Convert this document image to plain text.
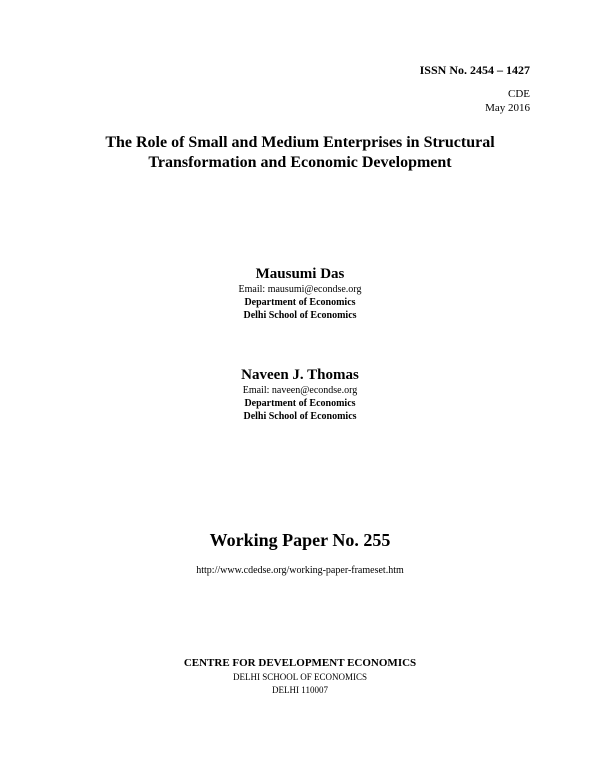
ISSN No. 2454 – 1427
CDE
May 2016
The Role of Small and Medium Enterprises in Structural
Transformation and Economic Development
Mausumi Das
Email: mausumi@econdse.org
Department of Economics
Delhi School of Economics
Naveen J. Thomas
Email: naveen@econdse.org
Department of Economics
Delhi School of Economics
Working Paper No. 255
http://www.cdedse.org/working-paper-frameset.htm
CENTRE FOR DEVELOPMENT ECONOMICS
DELHI SCHOOL OF ECONOMICS
DELHI 110007
